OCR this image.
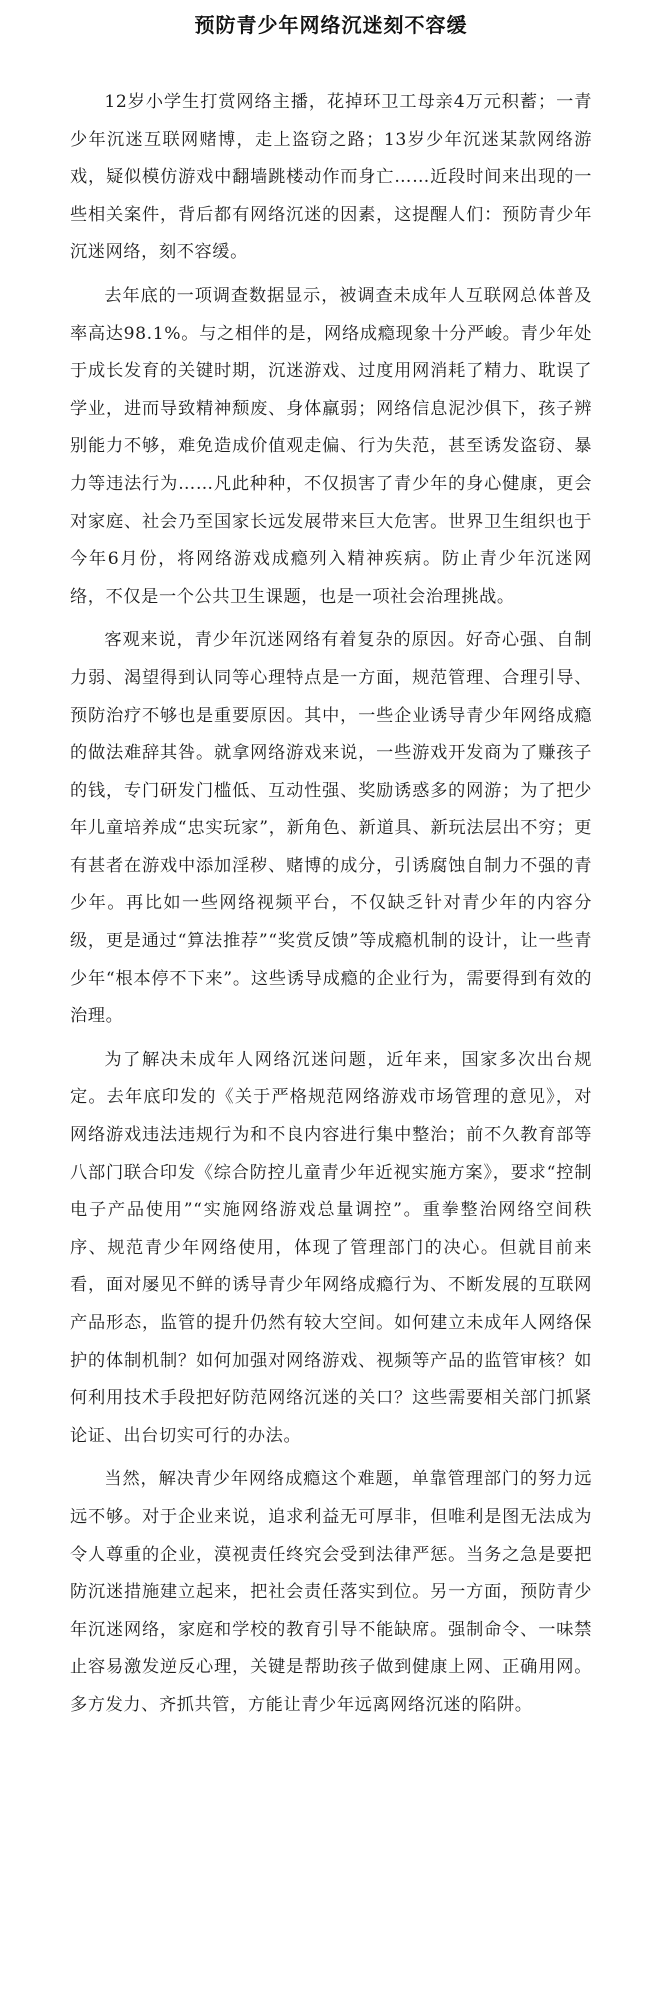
预防青少年网络沉迷刻不容缓

12岁小学生打赏网络主播，花掉环卫工母亲4万元积蓄；一青少年沉迷互联网赌博，走上盗窃之路；13岁少年沉迷某款网络游戏，疑似模仿游戏中翻墙跳楼动作而身亡……近段时间来出现的一些相关案件，背后都有网络沉迷的因素，这提醒人们：预防青少年沉迷网络，刻不容缓。

去年底的一项调查数据显示，被调查未成年人互联网总体普及率高达98.1%。与之相伴的是，网络成瘾现象十分严峻。青少年处于成长发育的关键时期，沉迷游戏、过度用网消耗了精力、耽误了学业，进而导致精神颓废、身体羸弱；网络信息泥沙俱下，孩子辨别能力不够，难免造成价值观走偏、行为失范，甚至诱发盗窃、暴力等违法行为……凡此种种，不仅损害了青少年的身心健康，更会对家庭、社会乃至国家长远发展带来巨大危害。世界卫生组织也于今年6月份，将网络游戏成瘾列入精神疾病。防止青少年沉迷网络，不仅是一个公共卫生课题，也是一项社会治理挑战。

客观来说，青少年沉迷网络有着复杂的原因。好奇心强、自制力弱、渴望得到认同等心理特点是一方面，规范管理、合理引导、预防治疗不够也是重要原因。其中，一些企业诱导青少年网络成瘾的做法难辞其咎。就拿网络游戏来说，一些游戏开发商为了赚孩子的钱，专门研发门槛低、互动性强、奖励诱惑多的网游；为了把少年儿童培养成“忠实玩家”，新角色、新道具、新玩法层出不穷；更有甚者在游戏中添加淫秽、赌博的成分，引诱腐蚀自制力不强的青少年。再比如一些网络视频平台，不仅缺乏针对青少年的内容分级，更是通过“算法推荐”“奖赏反馈”等成瘾机制的设计，让一些青少年“根本停不下来”。这些诱导成瘾的企业行为，需要得到有效的治理。

为了解决未成年人网络沉迷问题，近年来，国家多次出台规定。去年底印发的《关于严格规范网络游戏市场管理的意见》，对网络游戏违法违规行为和不良内容进行集中整治；前不久教育部等八部门联合印发《综合防控儿童青少年近视实施方案》，要求“控制电子产品使用”“实施网络游戏总量调控”。重拳整治网络空间秩序、规范青少年网络使用，体现了管理部门的决心。但就目前来看，面对屡见不鲜的诱导青少年网络成瘾行为、不断发展的互联网产品形态，监管的提升仍然有较大空间。如何建立未成年人网络保护的体制机制？如何加强对网络游戏、视频等产品的监管审核？如何利用技术手段把好防范网络沉迷的关口？这些需要相关部门抓紧论证、出台切实可行的办法。

当然，解决青少年网络成瘾这个难题，单靠管理部门的努力远远不够。对于企业来说，追求利益无可厚非，但唯利是图无法成为令人尊重的企业，漠视责任终究会受到法律严惩。当务之急是要把防沉迷措施建立起来，把社会责任落实到位。另一方面，预防青少年沉迷网络，家庭和学校的教育引导不能缺席。强制命令、一味禁止容易激发逆反心理，关键是帮助孩子做到健康上网、正确用网。多方发力、齐抓共管，方能让青少年远离网络沉迷的陷阱。
